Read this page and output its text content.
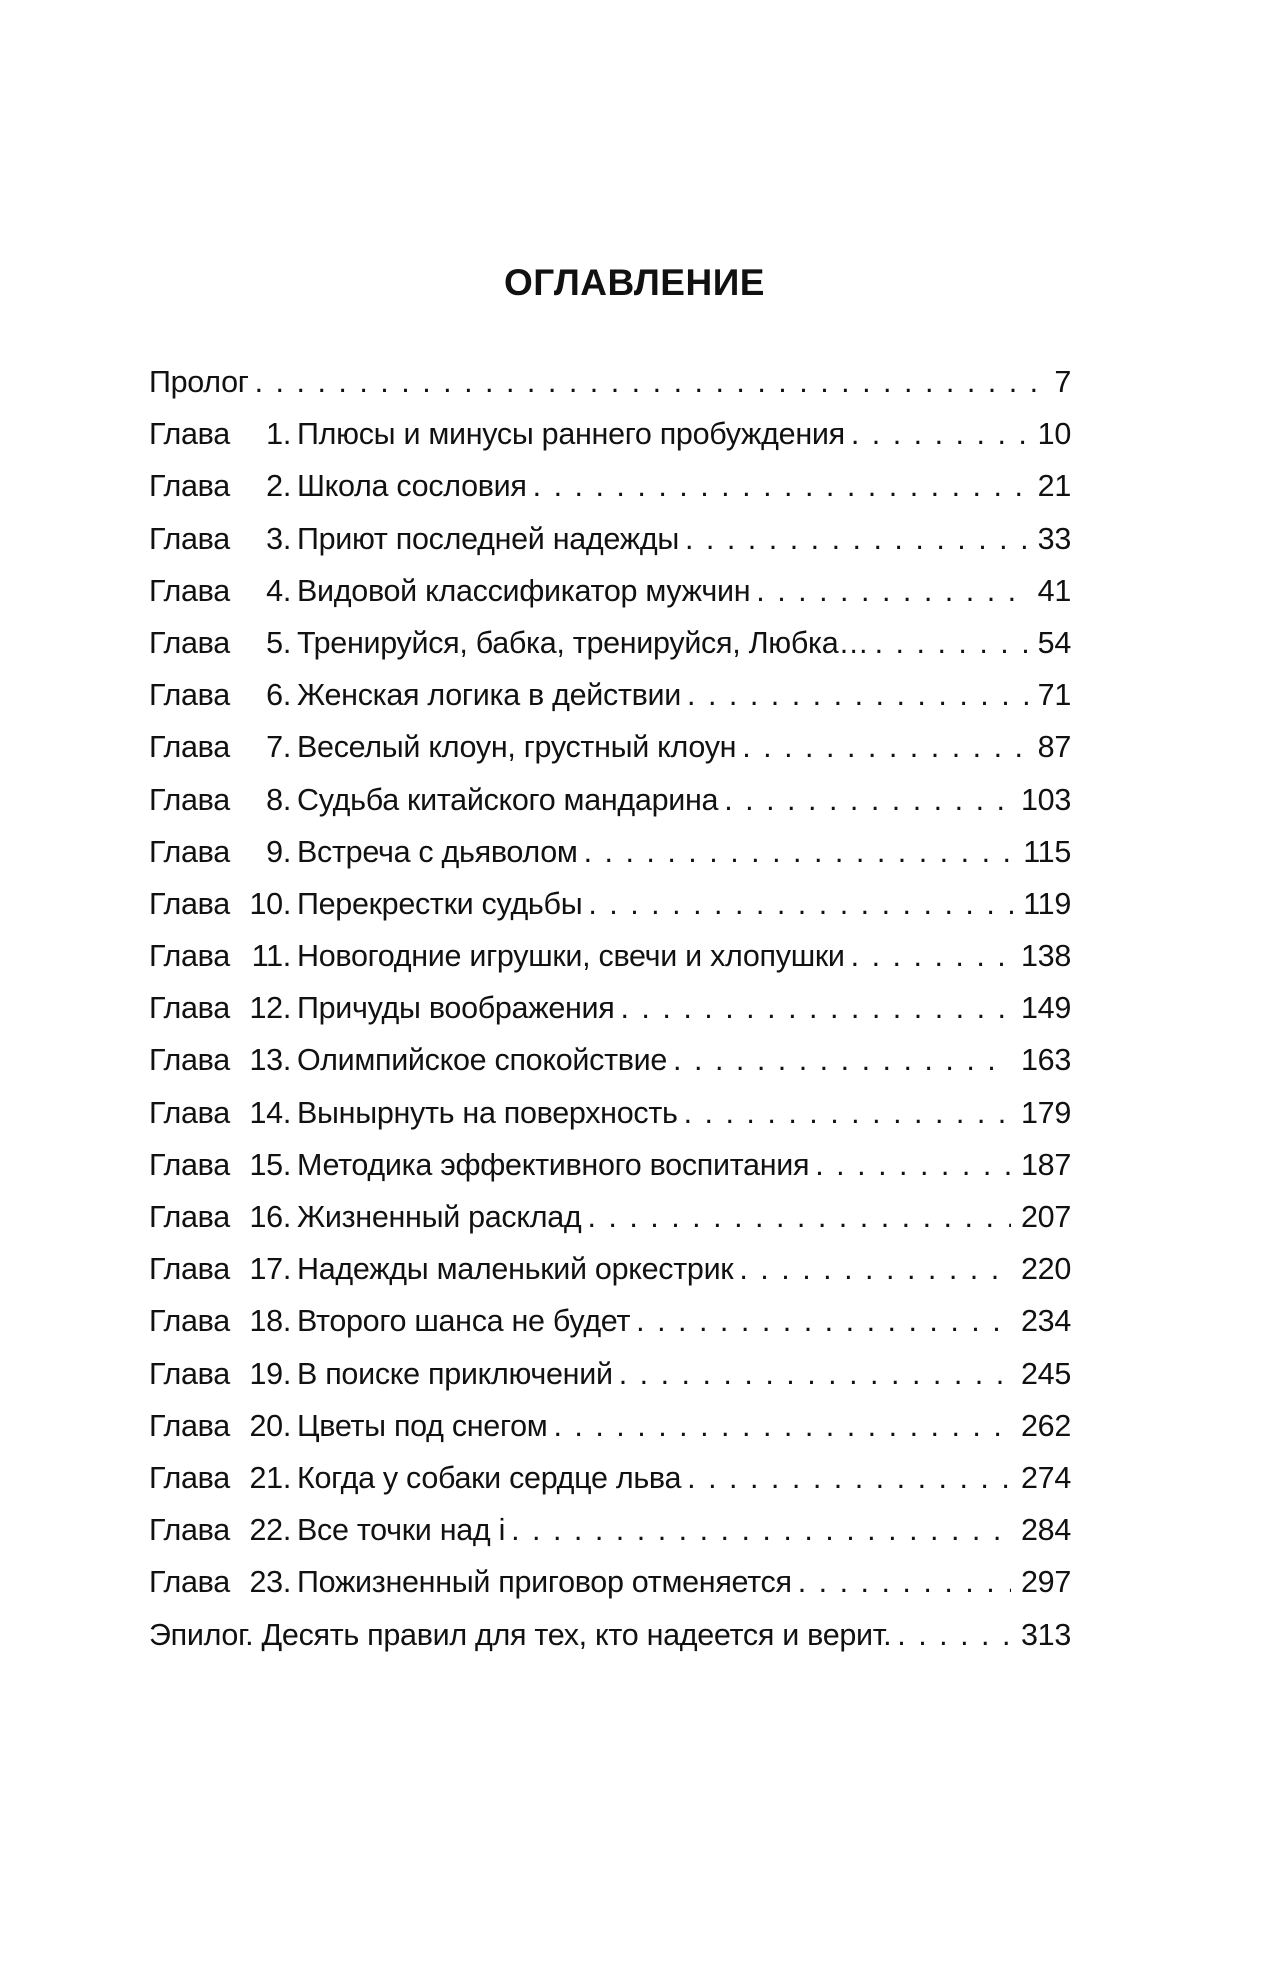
ОГЛАВЛЕНИЕ
Пролог . . .	7
Глава 1. Плюсы и минусы раннего пробуждения . . .	10
Глава 2. Школа сословия . . .	21
Глава 3. Приют последней надежды . . .	33
Глава 4. Видовой классификатор мужчин . . .	41
Глава 5. Тренируйся, бабка, тренируйся, Любка… . . .	54
Глава 6. Женская логика в действии . . .	71
Глава 7. Веселый клоун, грустный клоун . . .	87
Глава 8. Судьба китайского мандарина . . .	103
Глава 9. Встреча с дьяволом . . .	115
Глава 10. Перекрестки судьбы . . .	119
Глава 11. Новогодние игрушки, свечи и хлопушки . . .	138
Глава 12. Причуды воображения . . .	149
Глава 13. Олимпийское спокойствие . . .	163
Глава 14. Вынырнуть на поверхность . . .	179
Глава 15. Методика эффективного воспитания . . .	187
Глава 16. Жизненный расклад . . .	207
Глава 17. Надежды маленький оркестрик . . .	220
Глава 18. Второго шанса не будет . . .	234
Глава 19. В поиске приключений . . .	245
Глава 20. Цветы под снегом . . .	262
Глава 21. Когда у собаки сердце льва . . .	274
Глава 22. Все точки над і . . .	284
Глава 23. Пожизненный приговор отменяется . . .	297
Эпилог. Десять правил для тех, кто надеется и верит. . . .	313
